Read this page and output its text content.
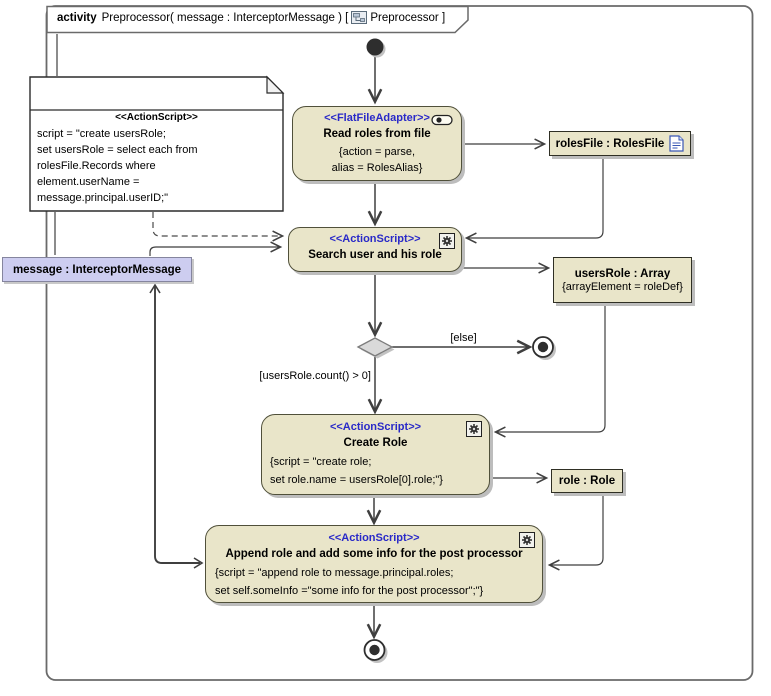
activity Preprocessor( message : InterceptorMessage ) [ Preprocessor ]
<<ActionScript>>
script = "create usersRole;
set usersRole = select each from
rolesFile.Records where
element.userName =
message.principal.userID;"
<<FlatFileAdapter>>
Read roles from file
{action = parse,
alias = RolesAlias}
<<ActionScript>>
Search user and his role
<<ActionScript>>
Create Role
{script = "create role;
set role.name = usersRole[0].role;"}
<<ActionScript>>
Append role and add some info for the post processor
{script = "append role to message.principal.roles;
set self.someInfo ="some info for the post processor";"}
rolesFile : RolesFile
usersRole : Array
{arrayElement = roleDef}
role : Role
message : InterceptorMessage
[else]
[usersRole.count() > 0]
